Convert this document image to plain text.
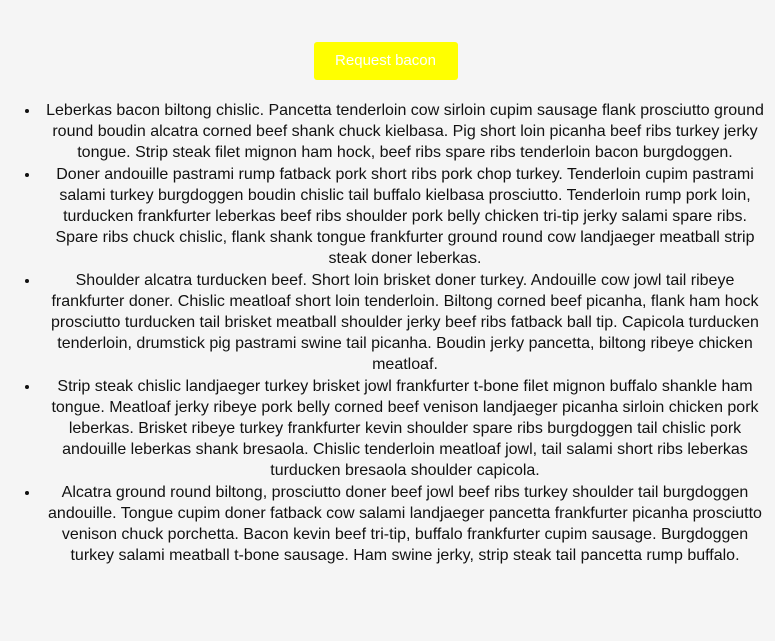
Request bacon
• Leberkas bacon biltong chislic. Pancetta tenderloin cow sirloin cupim sausage flank prosciutto ground round boudin alcatra corned beef shank chuck kielbasa. Pig short loin picanha beef ribs turkey jerky tongue. Strip steak filet mignon ham hock, beef ribs spare ribs tenderloin bacon burgdoggen.
• Doner andouille pastrami rump fatback pork short ribs pork chop turkey. Tenderloin cupim pastrami salami turkey burgdoggen boudin chislic tail buffalo kielbasa prosciutto. Tenderloin rump pork loin, turducken frankfurter leberkas beef ribs shoulder pork belly chicken tri-tip jerky salami spare ribs. Spare ribs chuck chislic, flank shank tongue frankfurter ground round cow landjaeger meatball strip steak doner leberkas.
• Shoulder alcatra turducken beef. Short loin brisket doner turkey. Andouille cow jowl tail ribeye frankfurter doner. Chislic meatloaf short loin tenderloin. Biltong corned beef picanha, flank ham hock prosciutto turducken tail brisket meatball shoulder jerky beef ribs fatback ball tip. Capicola turducken tenderloin, drumstick pig pastrami swine tail picanha. Boudin jerky pancetta, biltong ribeye chicken meatloaf.
• Strip steak chislic landjaeger turkey brisket jowl frankfurter t-bone filet mignon buffalo shankle ham tongue. Meatloaf jerky ribeye pork belly corned beef venison landjaeger picanha sirloin chicken pork leberkas. Brisket ribeye turkey frankfurter kevin shoulder spare ribs burgdoggen tail chislic pork andouille leberkas shank bresaola. Chislic tenderloin meatloaf jowl, tail salami short ribs leberkas turducken bresaola shoulder capicola.
• Alcatra ground round biltong, prosciutto doner beef jowl beef ribs turkey shoulder tail burgdoggen andouille. Tongue cupim doner fatback cow salami landjaeger pancetta frankfurter picanha prosciutto venison chuck porchetta. Bacon kevin beef tri-tip, buffalo frankfurter cupim sausage. Burgdoggen turkey salami meatball t-bone sausage. Ham swine jerky, strip steak tail pancetta rump buffalo.
